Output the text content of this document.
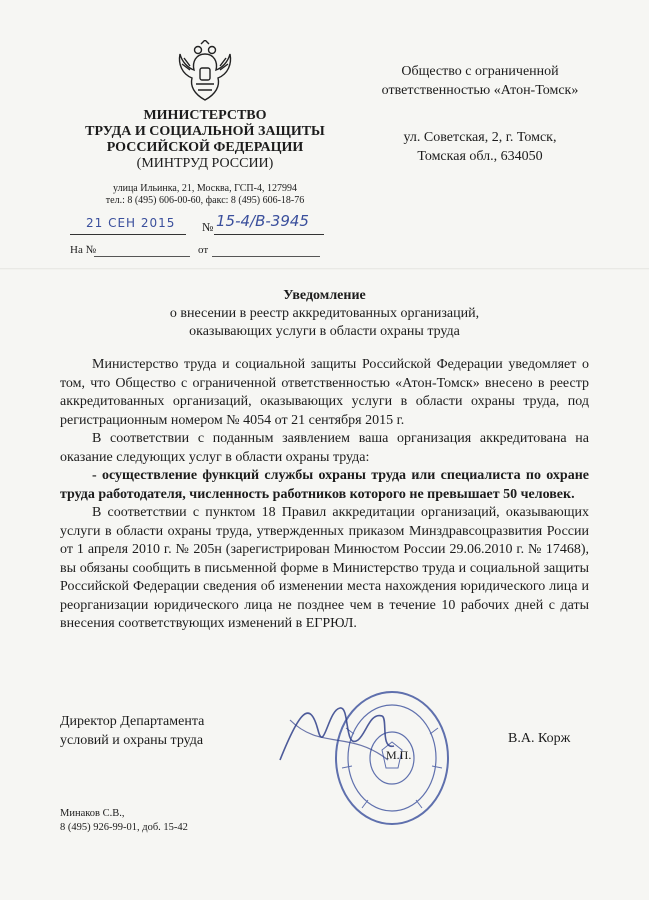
МИНИСТЕРСТВО
ТРУДА И СОЦИАЛЬНОЙ ЗАЩИТЫ
РОССИЙСКОЙ ФЕДЕРАЦИИ
(МИНТРУД РОССИИ)
улица Ильинка, 21, Москва, ГСП-4, 127994
тел.: 8 (495) 606-00-60, факс: 8 (495) 606-18-76
21 СЕН 2015 № 15-4/В-3945
На №	от
Общество с ограниченной
ответственностью «Атон-Томск»
ул. Советская, 2, г. Томск,
Томская обл., 634050
Уведомление
о внесении в реестр аккредитованных организаций,
оказывающих услуги в области охраны труда

Министерство труда и социальной защиты Российской Федерации уведомляет о том, что Общество с ограниченной ответственностью «Атон-Томск» внесено в реестр аккредитованных организаций, оказывающих услуги в области охраны труда, под регистрационным номером № 4054 от 21 сентября 2015 г.

В соответствии с поданным заявлением ваша организация аккредитована на оказание следующих услуг в области охраны труда:

- осуществление функций службы охраны труда или специалиста по охране труда работодателя, численность работников которого не превышает 50 человек.

В соответствии с пунктом 18 Правил аккредитации организаций, оказывающих услуги в области охраны труда, утвержденных приказом Минздравсоцразвития России от 1 апреля 2010 г. № 205н (зарегистрирован Минюстом России 29.06.2010 г. № 17468), вы обязаны сообщить в письменной форме в Министерство труда и социальной защиты Российской Федерации сведения об изменении места нахождения юридического лица и реорганизации юридического лица не позднее чем в течение 10 рабочих дней с даты внесения соответствующих изменений в ЕГРЮЛ.

Директор Департамента
условий и охраны труда
М.П.
В.А. Корж
Минаков С.В.,
8 (495) 926-99-01, доб. 15-42
